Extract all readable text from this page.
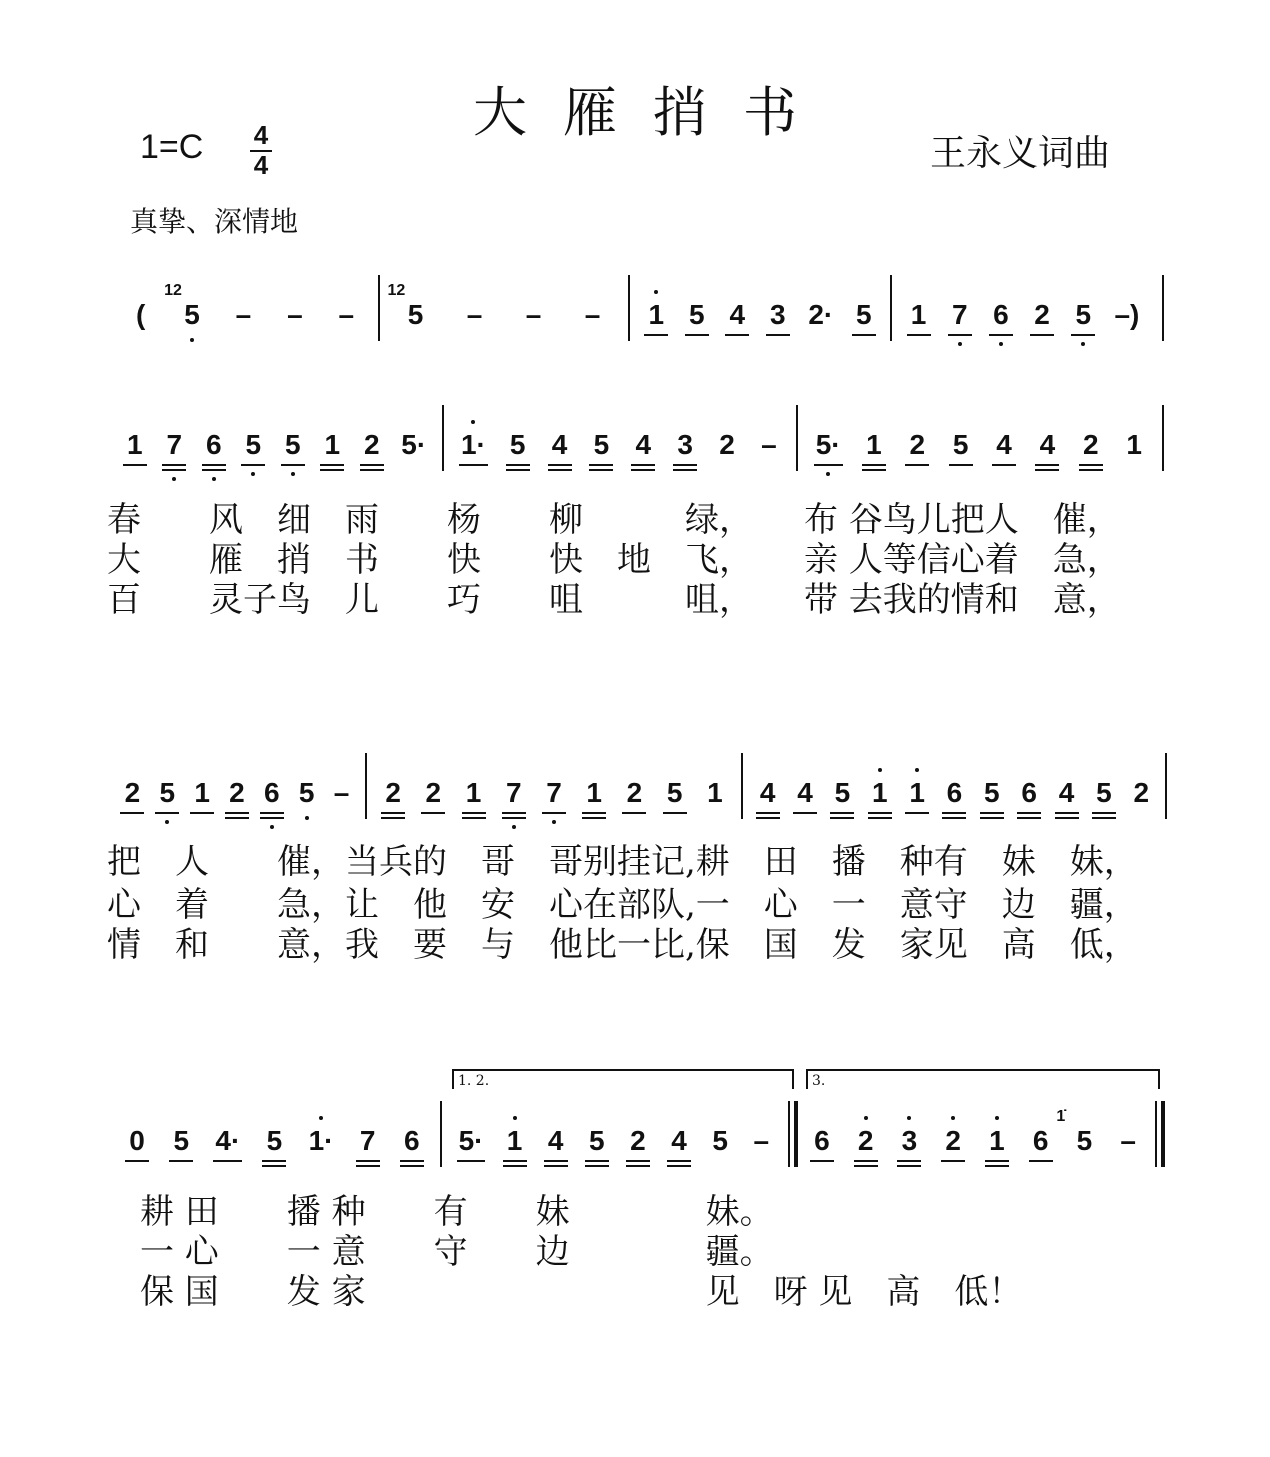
大雁捎书
1=C 4
4	王永义词曲
真挚、深情地
( 5
12
– – – 5
12
– – – 1 5 4 3 2· 5 1 7 6 2 5 –)
1 7 6 5 5 1 2 5· 1· 5 4 5 4 3 2 – 5· 1 2 5 4 4 2 1
2 5 1 2 6 5 – 2 2 1 7 7 1 2 5 1 4 4 5 1 1 6 5 6 4 5 2
1. 2.	3.
0 5 4· 5 1· 7 6 5· 1 4 5 2 4 5 – 6 2 3 2 1 6 5
1̇
–
春　　风　细　雨　　杨　　柳　　　绿，　　布 谷鸟儿把人　催，
大　　雁　捎　书　　快　　快　地　飞，　　亲 人等信心着　急，
百　　灵子鸟　儿　　巧　　咀　　　咀，　　带 去我的情和　意，
把　人　　催，当兵的　哥　哥别挂记,耕　田　播　种有　妹　妹，
心　着　　急，让　他　安　心在部队,一　心　一　意守　边　疆，
情　和　　意，我　要　与　他比一比,保　国　发　家见　高　低，
耕 田　　播 种　　有　　妹　　　　妹。
一 心　　一 意　　守　　边　　　　疆。
保 国　　发 家　　　　　　　　　　见　呀 见　高　低！
